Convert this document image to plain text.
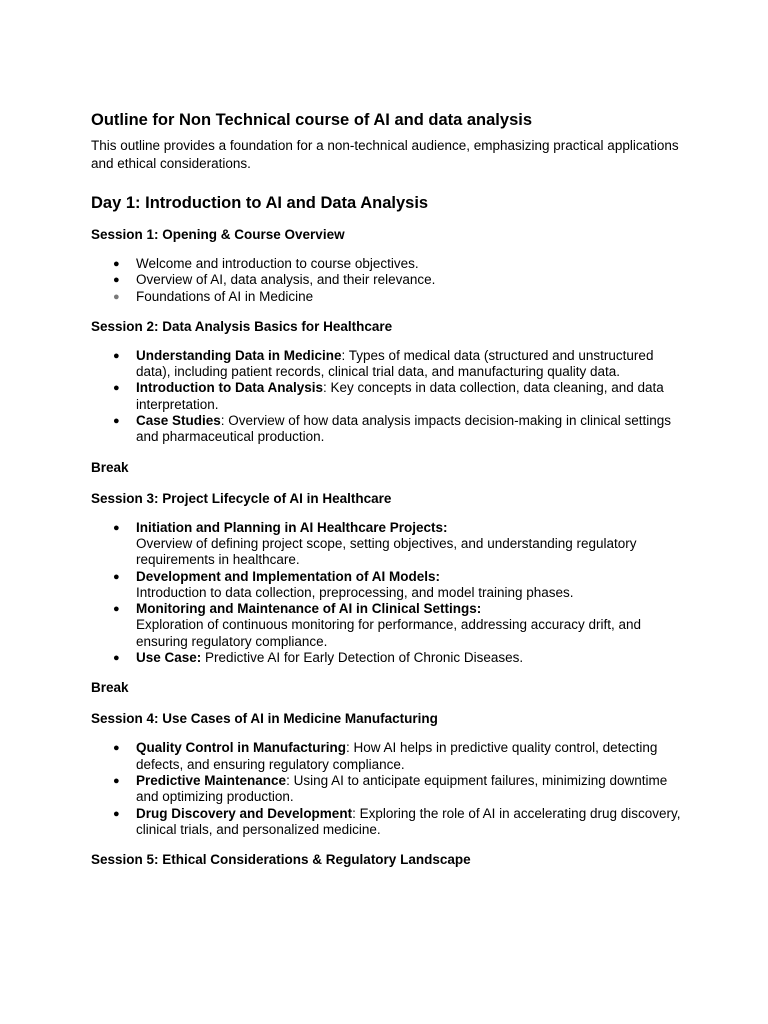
Outline for Non Technical course of AI and data analysis

This outline provides a foundation for a non-technical audience, emphasizing practical applications and ethical considerations.

Day 1: Introduction to AI and Data Analysis
Session 1: Opening & Course Overview
● Welcome and introduction to course objectives.
● Overview of AI, data analysis, and their relevance.
● Foundations of AI in Medicine
Session 2: Data Analysis Basics for Healthcare
● Understanding Data in Medicine: Types of medical data (structured and unstructured data), including patient records, clinical trial data, and manufacturing quality data.
● Introduction to Data Analysis: Key concepts in data collection, data cleaning, and data interpretation.
● Case Studies: Overview of how data analysis impacts decision-making in clinical settings and pharmaceutical production.
Break
Session 3: Project Lifecycle of AI in Healthcare
● Initiation and Planning in AI Healthcare Projects:
Overview of defining project scope, setting objectives, and understanding regulatory requirements in healthcare.
● Development and Implementation of AI Models:
Introduction to data collection, preprocessing, and model training phases.
● Monitoring and Maintenance of AI in Clinical Settings:
Exploration of continuous monitoring for performance, addressing accuracy drift, and ensuring regulatory compliance.
● Use Case: Predictive AI for Early Detection of Chronic Diseases.
Break
Session 4: Use Cases of AI in Medicine Manufacturing
● Quality Control in Manufacturing: How AI helps in predictive quality control, detecting defects, and ensuring regulatory compliance.
● Predictive Maintenance: Using AI to anticipate equipment failures, minimizing downtime and optimizing production.
● Drug Discovery and Development: Exploring the role of AI in accelerating drug discovery, clinical trials, and personalized medicine.
Session 5: Ethical Considerations & Regulatory Landscape
